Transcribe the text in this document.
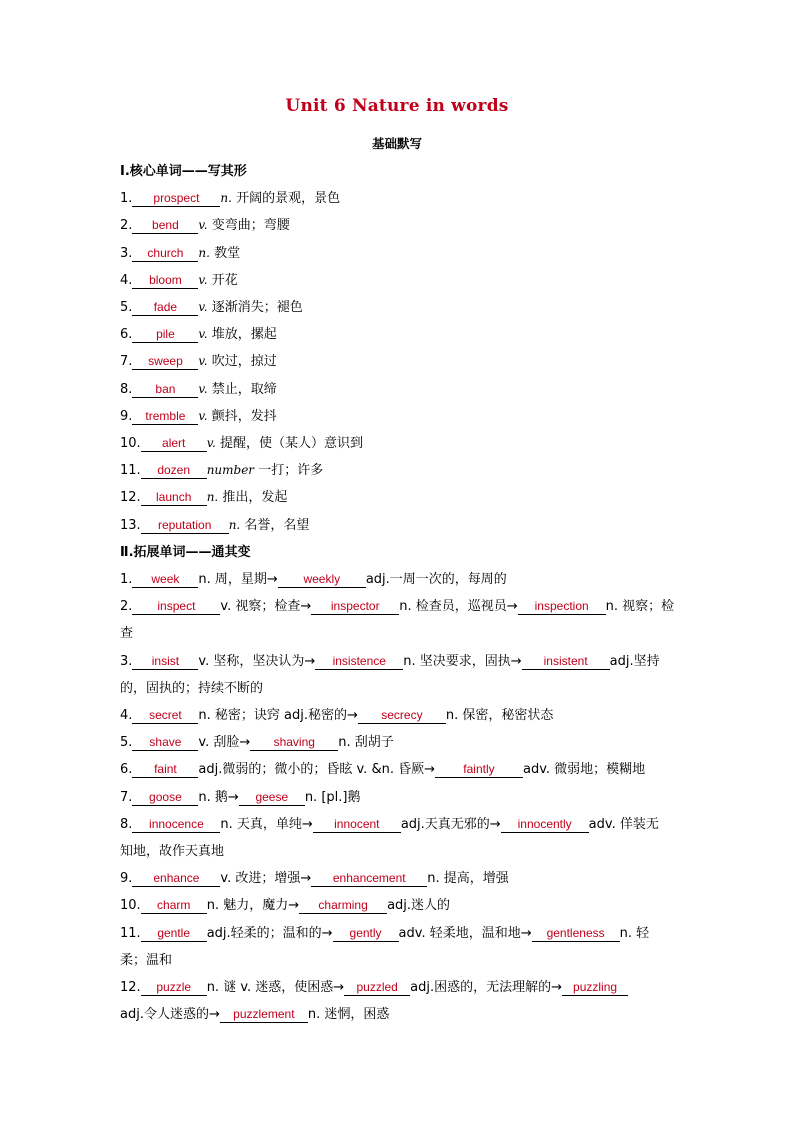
Unit 6 Nature in words
基础默写
Ⅰ.核心单词——写其形
1. prospect n. 开阔的景观，景色
2. bend v. 变弯曲；弯腰
3. church n. 教堂
4. bloom v. 开花
5. fade v. 逐渐消失；褪色
6. pile v. 堆放，摞起
7. sweep v. 吹过，掠过
8. ban v. 禁止，取缔
9. tremble v. 颤抖，发抖
10. alert v. 提醒，使（某人）意识到
11. dozen number 一打；许多
12. launch n. 推出，发起
13. reputation n. 名誉，名望
Ⅱ.拓展单词——通其变
1. week n. 周，星期→ weekly adj.一周一次的，每周的
2. inspect v. 视察；检查→ inspector n. 检查员，巡视员→ inspection n. 视察；检
查
3. insist v. 坚称，坚决认为→ insistence n. 坚决要求，固执→ insistent adj.坚持
的，固执的；持续不断的
4. secret n. 秘密；诀窍 adj.秘密的→ secrecy n. 保密，秘密状态
5. shave v. 刮脸→ shaving n. 刮胡子
6. faint adj.微弱的；微小的；昏眩 v. &n. 昏厥→ faintly adv. 微弱地；模糊地
7. goose n. 鹅→ geese n. [pl.]鹅
8. innocence n. 天真，单纯→ innocent adj.天真无邪的→ innocently adv. 佯装无
知地，故作天真地
9. enhance v. 改进；增强→ enhancement n. 提高，增强
10. charm n. 魅力，魔力→ charming adj.迷人的
11. gentle adj.轻柔的；温和的→ gently adv. 轻柔地，温和地→ gentleness n. 轻
柔；温和
12. puzzle n. 谜 v. 迷惑，使困惑→ puzzled adj.困惑的，无法理解的→ puzzling
adj.令人迷惑的→ puzzlement n. 迷惘，困惑
